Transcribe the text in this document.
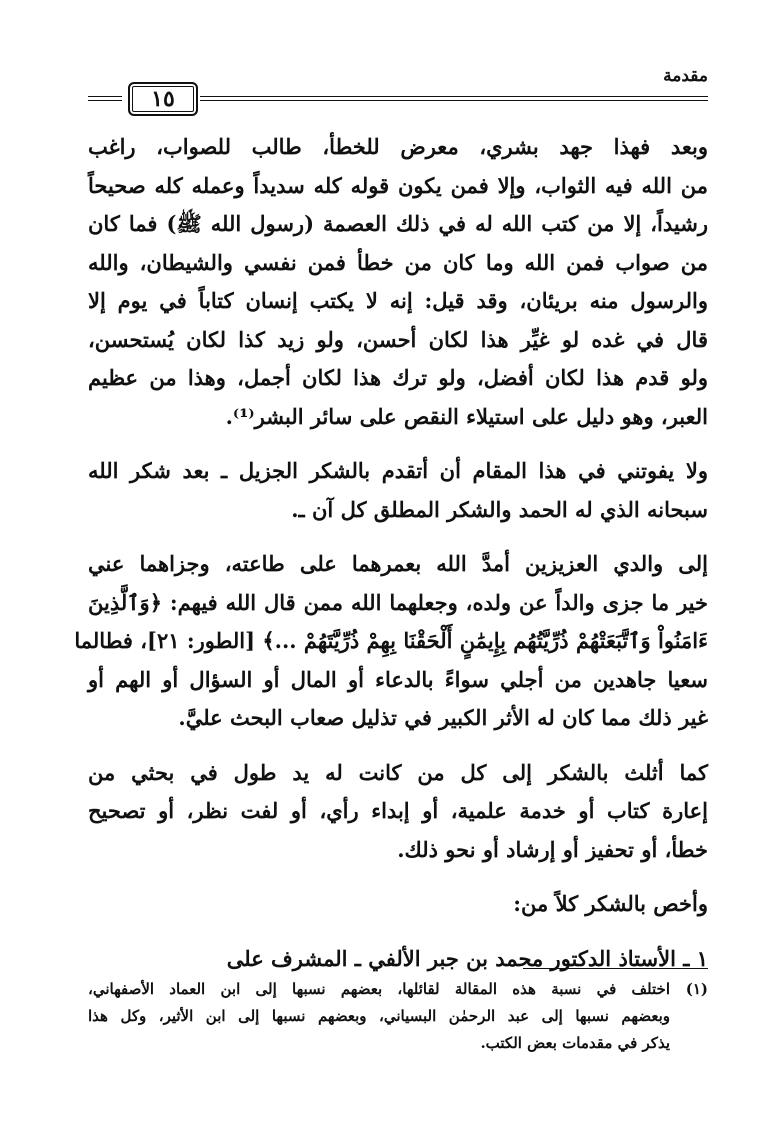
مقدمة
١٥
وبعد فهذا جهد بشري، معرض للخطأ، طالب للصواب، راغب
من الله فيه الثواب، وإلا فمن يكون قوله كله سديداً وعمله كله صحيحاً
رشيداً، إلا من كتب الله له في ذلك العصمة (رسول الله ﷺ) فما كان
من صواب فمن الله وما كان من خطأ فمن نفسي والشيطان، والله
والرسول منه بريئان، وقد قيل: إنه لا يكتب إنسان كتاباً في يوم إلا
قال في غده لو غيِّر هذا لكان أحسن، ولو زيد كذا لكان يُستحسن،
ولو قدم هذا لكان أفضل، ولو ترك هذا لكان أجمل، وهذا من عظيم
العبر، وهو دليل على استيلاء النقص على سائر البشر⁽¹⁾.
ولا يفوتني في هذا المقام أن أتقدم بالشكر الجزيل ـ بعد شكر الله
سبحانه الذي له الحمد والشكر المطلق كل آن ـ.
إلى والدي العزيزين أمدَّ الله بعمرهما على طاعته، وجزاهما عني
خير ما جزى والداً عن ولده، وجعلهما الله ممن قال الله فيهم: ﴿وَٱلَّذِينَ
ءَامَنُواْ وَٱتَّبَعَتْهُمْ ذُرِّيَّتُهُم بِإِيمَٰنٍ أَلْحَقْنَا بِهِمْ ذُرِّيَّتَهُمْ ...﴾ [الطور: ٢١]، فطالما
سعيا جاهدين من أجلي سواءً بالدعاء أو المال أو السؤال أو الهم أو
غير ذلك مما كان له الأثر الكبير في تذليل صعاب البحث عليَّ.
كما أثلث بالشكر إلى كل من كانت له يد طول في بحثي من
إعارة كتاب أو خدمة علمية، أو إبداء رأي، أو لفت نظر، أو تصحيح
خطأ، أو تحفيز أو إرشاد أو نحو ذلك.
وأخص بالشكر كلاً من:
١ ـ الأستاذ الدكتور محمد بن جبر الألفي ـ المشرف على
(١)اختلف في نسبة هذه المقالة لقائلها، بعضهم نسبها إلى ابن العماد الأصفهاني،
وبعضهم نسبها إلى عبد الرحمٰن البسياني، وبعضهم نسبها إلى ابن الأثير، وكل هذا
يذكر في مقدمات بعض الكتب.
